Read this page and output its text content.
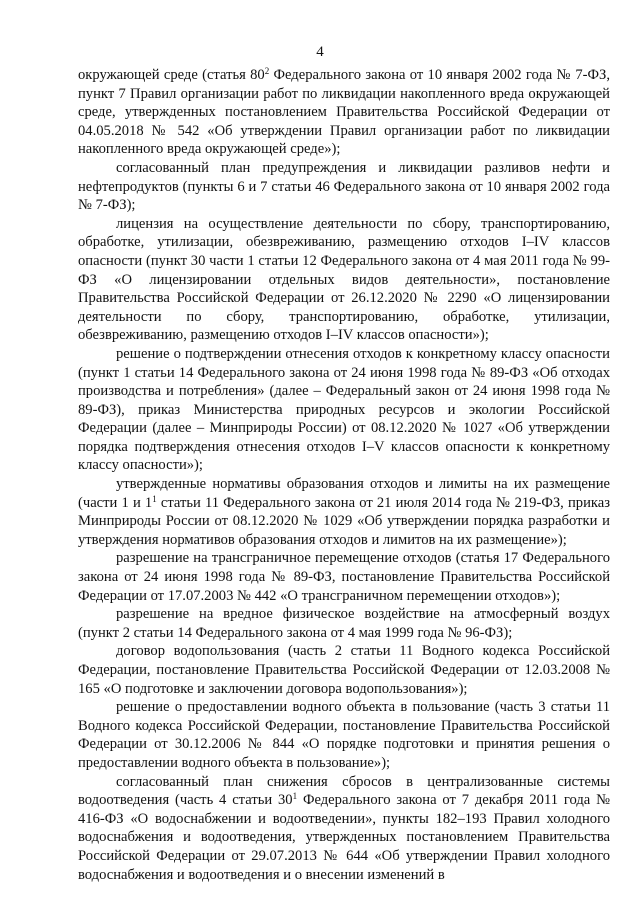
4

окружающей среде (статья $80^2$ Федерального закона от 10 января 2002 года № 7-ФЗ, пункт 7 Правил организации работ по ликвидации накопленного вреда окружающей среде, утвержденных постановлением Правительства Российской Федерации от 04.05.2018 № 542 «Об утверждении Правил организации работ по ликвидации накопленного вреда окружающей среде»);

согласованный план предупреждения и ликвидации разливов нефти и нефтепродуктов (пункты 6 и 7 статьи 46 Федерального закона от 10 января 2002 года № 7-ФЗ);

лицензия на осуществление деятельности по сбору, транспортированию, обработке, утилизации, обезвреживанию, размещению отходов I–IV классов опасности (пункт 30 части 1 статьи 12 Федерального закона от 4 мая 2011 года № 99-ФЗ «О лицензировании отдельных видов деятельности», постановление Правительства Российской Федерации от 26.12.2020 № 2290 «О лицензировании деятельности по сбору, транспортированию, обработке, утилизации, обезвреживанию, размещению отходов I–IV классов опасности»);

решение о подтверждении отнесения отходов к конкретному классу опасности (пункт 1 статьи 14 Федерального закона от 24 июня 1998 года № 89-ФЗ «Об отходах производства и потребления» (далее – Федеральный закон от 24 июня 1998 года № 89-ФЗ), приказ Министерства природных ресурсов и экологии Российской Федерации (далее – Минприроды России) от 08.12.2020 № 1027 «Об утверждении порядка подтверждения отнесения отходов I–V классов опасности к конкретному классу опасности»);

утвержденные нормативы образования отходов и лимиты на их размещение (части 1 и $1^1$ статьи 11 Федерального закона от 21 июля 2014 года № 219-ФЗ, приказ Минприроды России от 08.12.2020 № 1029 «Об утверждении порядка разработки и утверждения нормативов образования отходов и лимитов на их размещение»);

разрешение на трансграничное перемещение отходов (статья 17 Федерального закона от 24 июня 1998 года № 89-ФЗ, постановление Правительства Российской Федерации от 17.07.2003 № 442 «О трансграничном перемещении отходов»);

разрешение на вредное физическое воздействие на атмосферный воздух (пункт 2 статьи 14 Федерального закона от 4 мая 1999 года № 96-ФЗ);

договор водопользования (часть 2 статьи 11 Водного кодекса Российской Федерации, постановление Правительства Российской Федерации от 12.03.2008 № 165 «О подготовке и заключении договора водопользования»);

решение о предоставлении водного объекта в пользование (часть 3 статьи 11 Водного кодекса Российской Федерации, постановление Правительства Российской Федерации от 30.12.2006 № 844 «О порядке подготовки и принятия решения о предоставлении водного объекта в пользование»);

согласованный план снижения сбросов в централизованные системы водоотведения (часть 4 статьи $30^1$ Федерального закона от 7 декабря 2011 года № 416-ФЗ «О водоснабжении и водоотведении», пункты 182–193 Правил холодного водоснабжения и водоотведения, утвержденных постановлением Правительства Российской Федерации от 29.07.2013 № 644 «Об утверждении Правил холодного водоснабжения и водоотведения и о внесении изменений в
